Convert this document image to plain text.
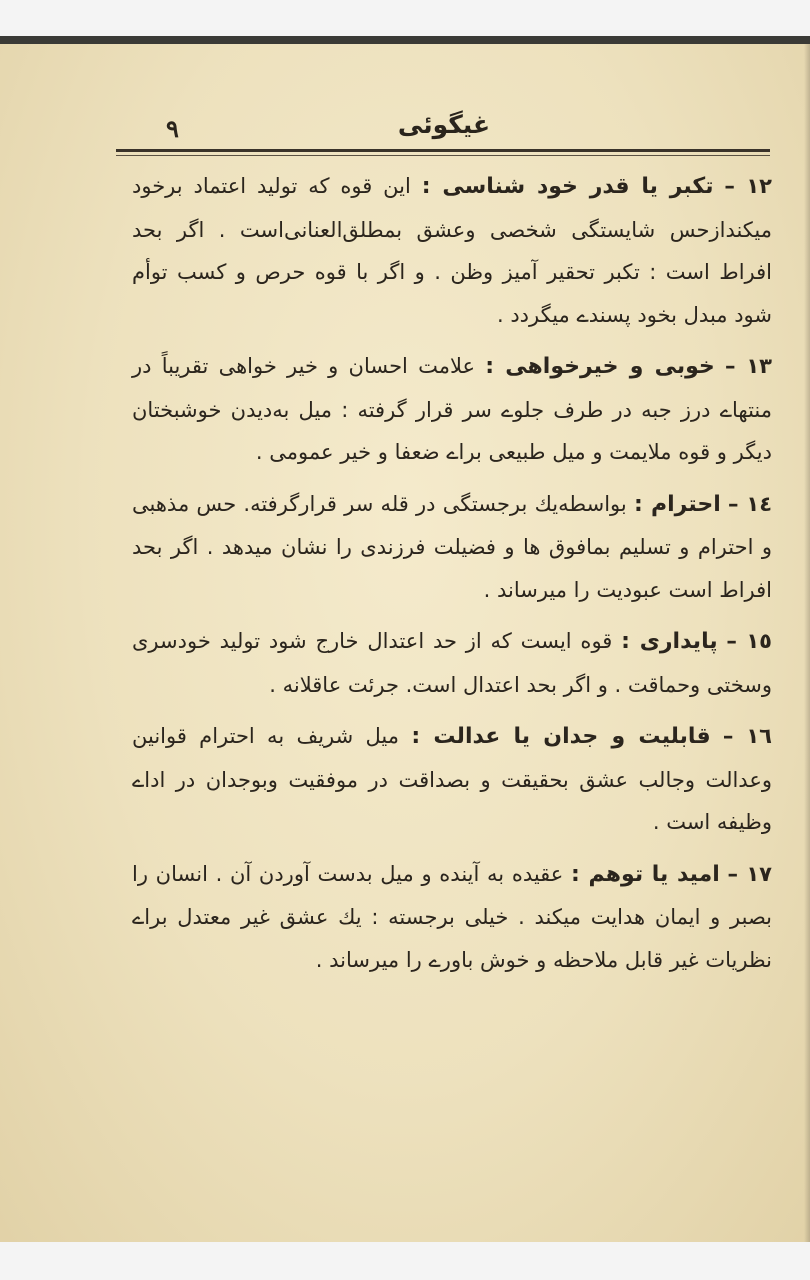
۹	غیگوئی

١٢ – تکبر یا قدر خود شناسی : این قوه که تولید اعتماد برخود میکندازحس شایستگی شخصی وعشق بمطلق‌العنانی‌است . اگر بحد افراط است : تکبر تحقیر آمیز وظن . و اگر با قوه حرص و کسب توأم شود مبدل بخود پسندے میگردد .

١٣ – خوبی و خیرخواهی : علامت احسان و خیر خواهی تقریباً در منتهاے درز جبه در طرف جلوے سر قرار گرفته : میل به‌دیدن خوشبختان دیگر و قوه ملایمت و میل طبیعی براے ضعفا و خیر عمومی .

١٤ – احترام : بواسطه‌یك برجستگی در قله سر قرارگرفته. حس مذهبی و احترام و تسلیم بمافوق ها و فضیلت فرزندی را نشان میدهد . اگر بحد افراط است عبودیت را میرساند .

١٥ – پایداری : قوه ایست که از حد اعتدال خارج شود تولید خودسری وسختی وحماقت . و اگر بحد اعتدال است. جرئت عاقلانه .

١٦ – قابلیت و جدان یا عدالت : میل شریف به احترام قوانین وعدالت وجالب عشق بحقیقت و بصداقت در موفقیت وبوجدان در اداے وظیفه است .

١٧ – امید یا توهم : عقیده به آینده و میل بدست آوردن آن . انسان را بصبر و ایمان هدایت میکند . خیلی برجسته : یك عشق غیر معتدل براے نظریات غیر قابل ملاحظه و خوش باورے را میرساند .
